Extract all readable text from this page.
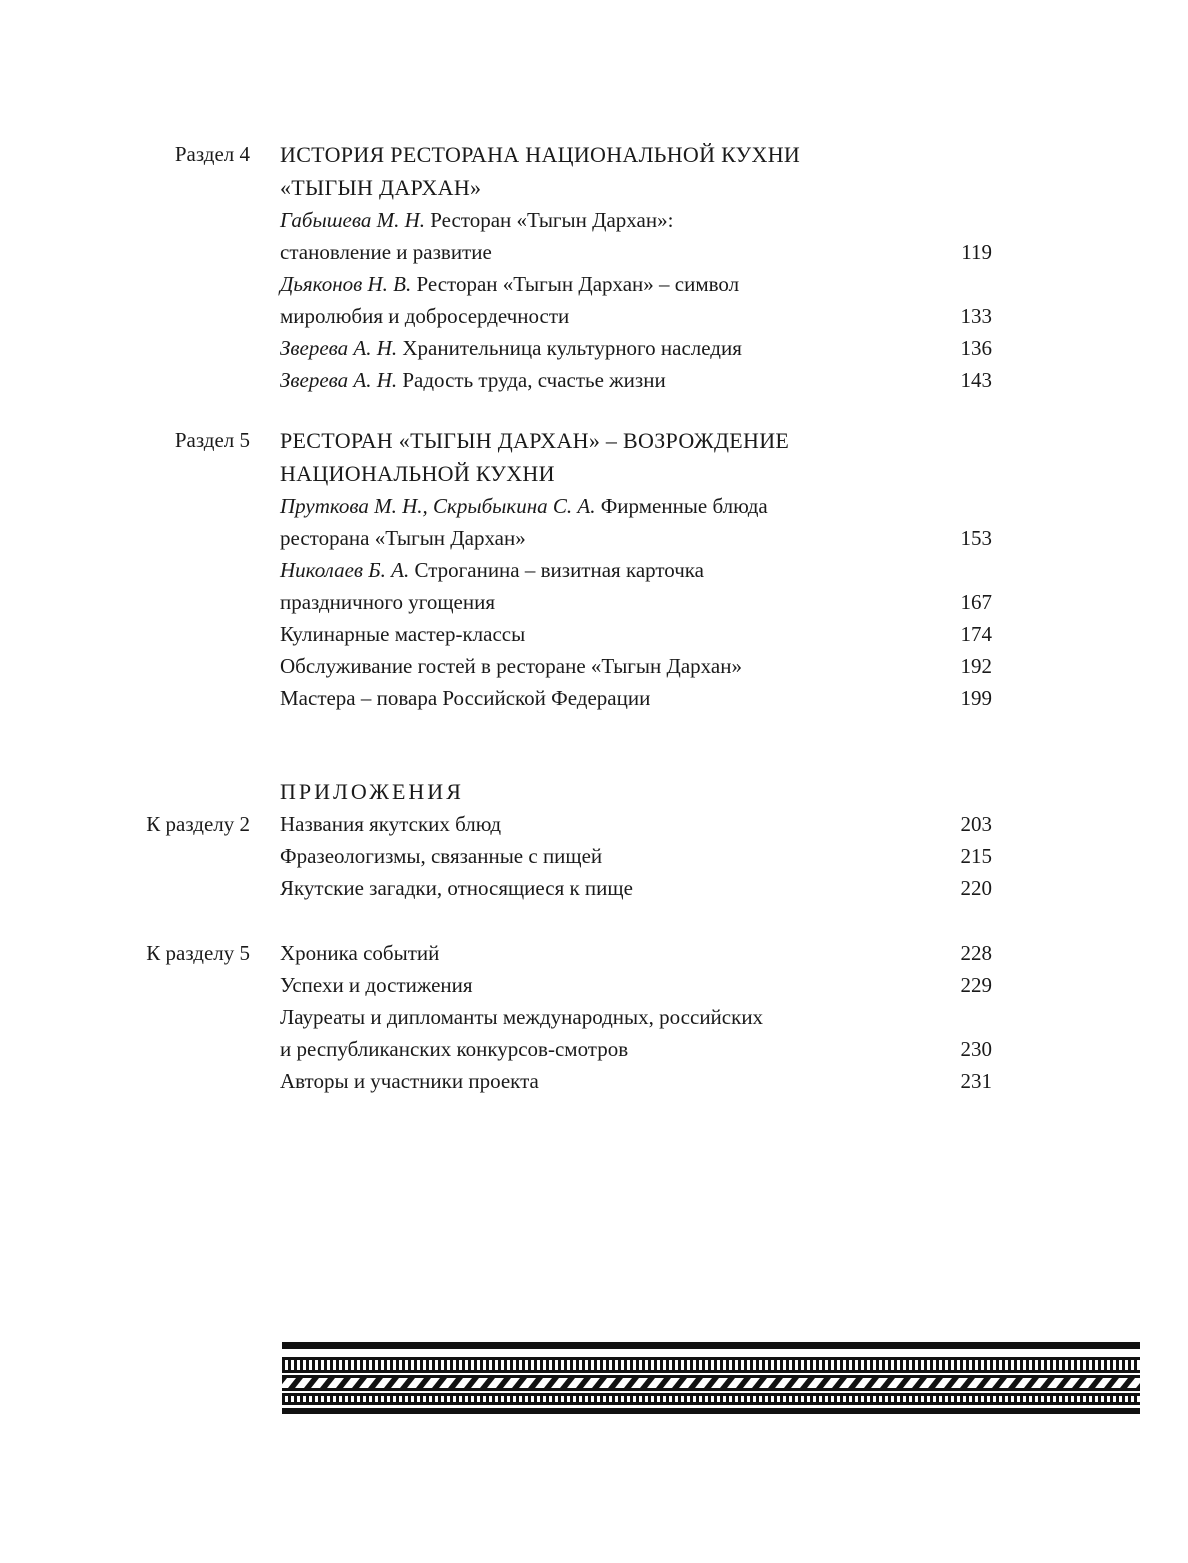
Раздел 4 ИСТОРИЯ РЕСТОРАНА НАЦИОНАЛЬНОЙ КУХНИ
«ТЫГЫН ДАРХАН»
Габышева М. Н. Ресторан «Тыгын Дархан»:
становление и развитие	119
Дьяконов Н. В. Ресторан «Тыгын Дархан» – символ
миролюбия и добросердечности	133
Зверева А. Н. Хранительница культурного наследия	136
Зверева А. Н. Радость труда, счастье жизни	143
Раздел 5 РЕСТОРАН «ТЫГЫН ДАРХАН» – ВОЗРОЖДЕНИЕ
НАЦИОНАЛЬНОЙ КУХНИ
Пруткова М. Н., Скрыбыкина С. А. Фирменные блюда
ресторана «Тыгын Дархан»	153
Николаев Б. А. Строганина – визитная карточка
праздничного угощения	167
Кулинарные мастер-классы	174
Обслуживание гостей в ресторане «Тыгын Дархан»	192
Мастера – повара Российской Федерации	199
ПРИЛОЖЕНИЯ
К разделу 2 Названия якутских блюд	203
Фразеологизмы, связанные с пищей	215
Якутские загадки, относящиеся к пище	220
К разделу 5 Хроника событий	228
Успехи и достижения	229
Лауреаты и дипломанты международных, российских
и республиканских конкурсов-смотров	230
Авторы и участники проекта	231
